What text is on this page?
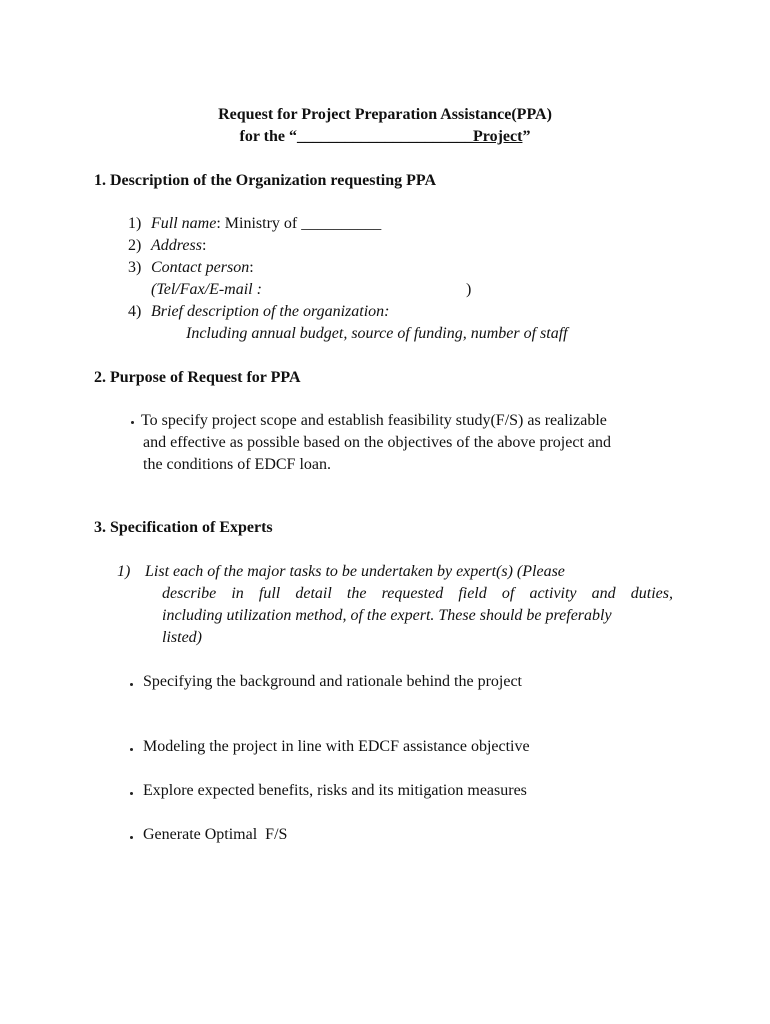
Request for Project Preparation Assistance(PPA)
for the “______________________Project”
1. Description of the Organization requesting PPA
1) Full name: Ministry of __________
2) Address:
3) Contact person:
(Tel/Fax/E-mail :	)
4) Brief description of the organization:
Including annual budget, source of funding, number of staff
2. Purpose of Request for PPA
To specify project scope and establish feasibility study(F/S) as realizable
and effective as possible based on the objectives of the above project and
the conditions of EDCF loan.
3. Specification of Experts
1) List each of the major tasks to be undertaken by expert(s) (Please
describe in full detail the requested field of activity and duties,
including utilization method, of the expert. These should be preferably
listed)
Specifying the background and rationale behind the project
Modeling the project in line with EDCF assistance objective
Explore expected benefits, risks and its mitigation measures
Generate Optimal  F/S
